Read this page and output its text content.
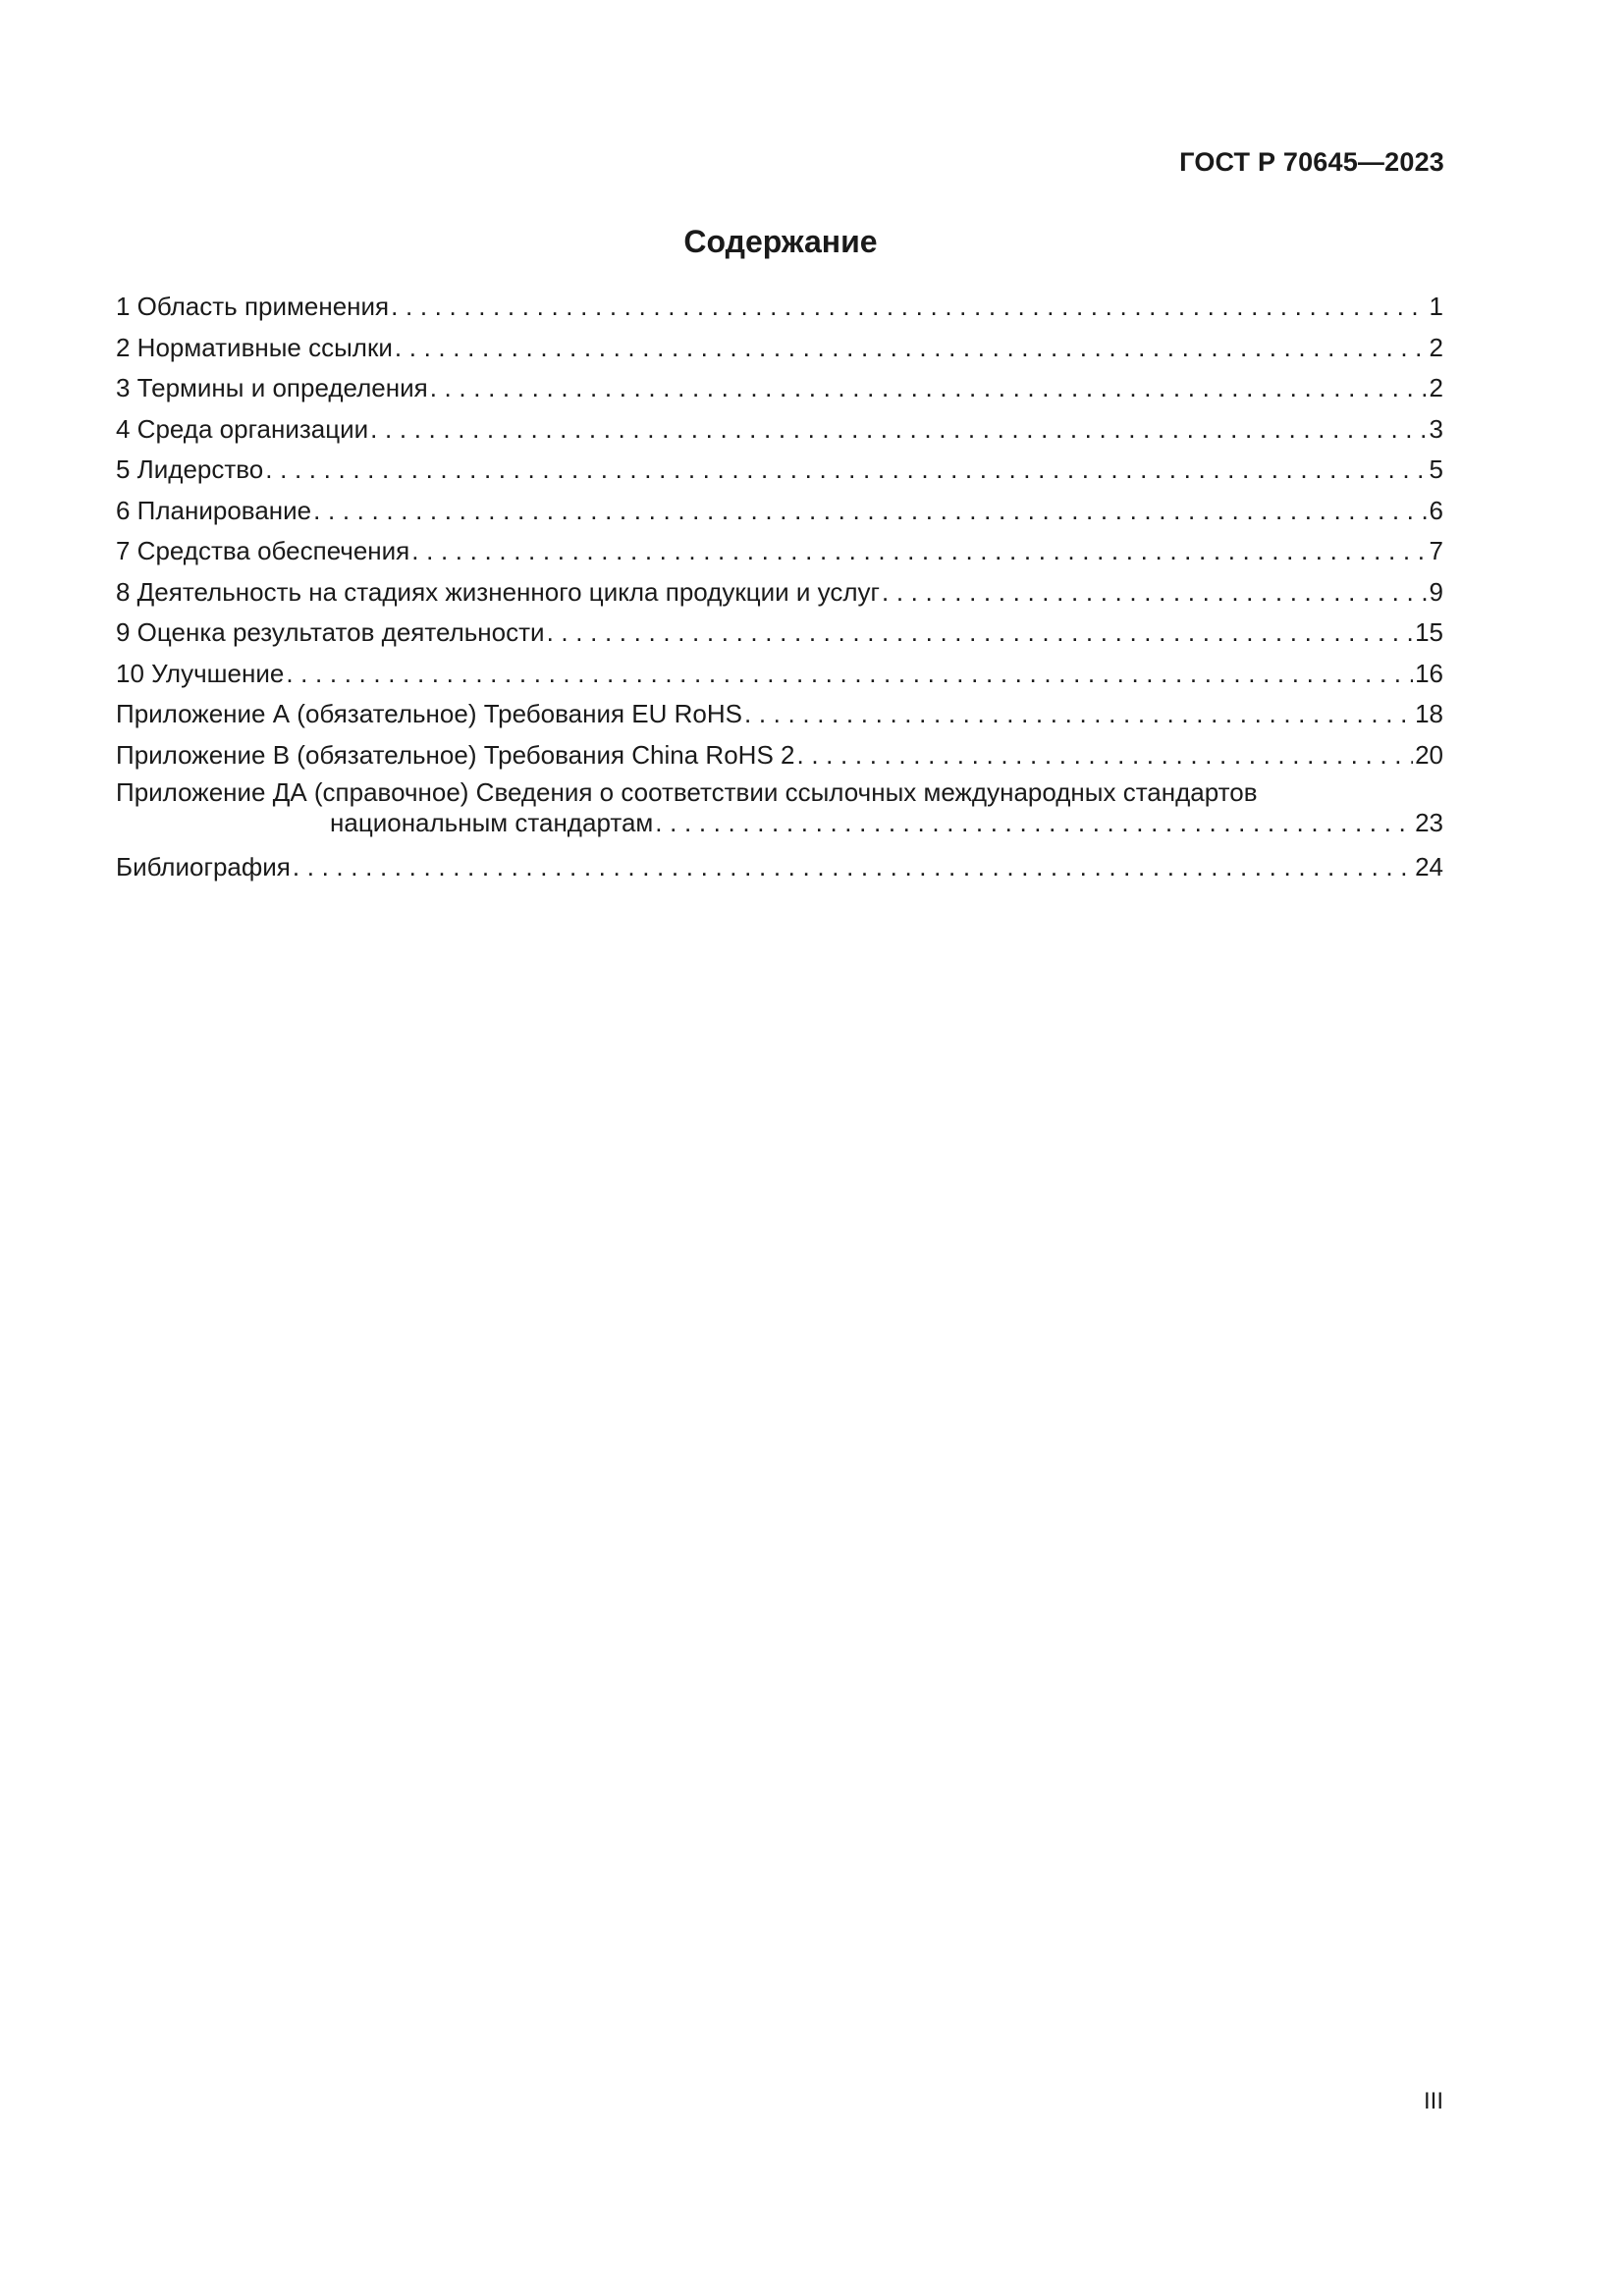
ГОСТ Р 70645—2023
Содержание
1 Область применения . . .	1
2 Нормативные ссылки . . .	2
3 Термины и определения . . .	2
4 Среда организации . . .	3
5 Лидерство . . .	5
6 Планирование . . .	6
7 Средства обеспечения . . .	7
8 Деятельность на стадиях жизненного цикла продукции и услуг . . .	9
9 Оценка результатов деятельности . . .	15
10 Улучшение . . .	16
Приложение А (обязательное) Требования EU RoHS . . .	18
Приложение В (обязательное) Требования China RoHS 2 . . .	20
Приложение ДА (справочное) Сведения о соответствии ссылочных международных стандартов
национальным стандартам . . .	23
Библиография . . .	24
III
